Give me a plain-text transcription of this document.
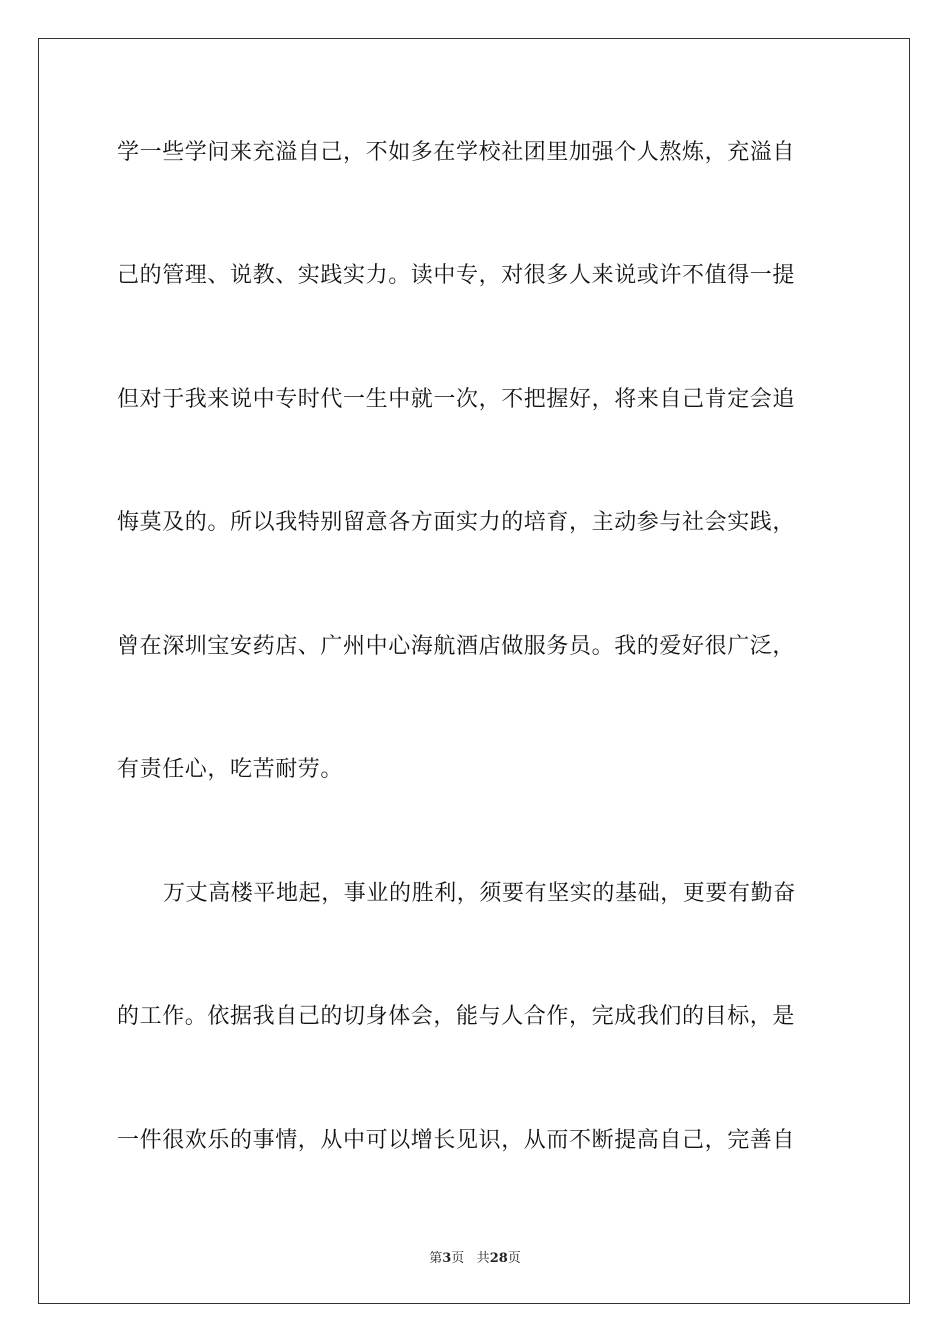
学一些学问来充溢自己，不如多在学校社团里加强个人熬炼，充溢自
己的管理、说教、实践实力。读中专，对很多人来说或许不值得一提
但对于我来说中专时代一生中就一次，不把握好，将来自己肯定会追
悔莫及的。所以我特别留意各方面实力的培育，主动参与社会实践，
曾在深圳宝安药店、广州中心海航酒店做服务员。我的爱好很广泛，
有责任心，吃苦耐劳。
万丈高楼平地起，事业的胜利，须要有坚实的基础，更要有勤奋
的工作。依据我自己的切身体会，能与人合作，完成我们的目标，是
一件很欢乐的事情，从中可以增长见识，从而不断提高自己，完善自
第3页 共28页
